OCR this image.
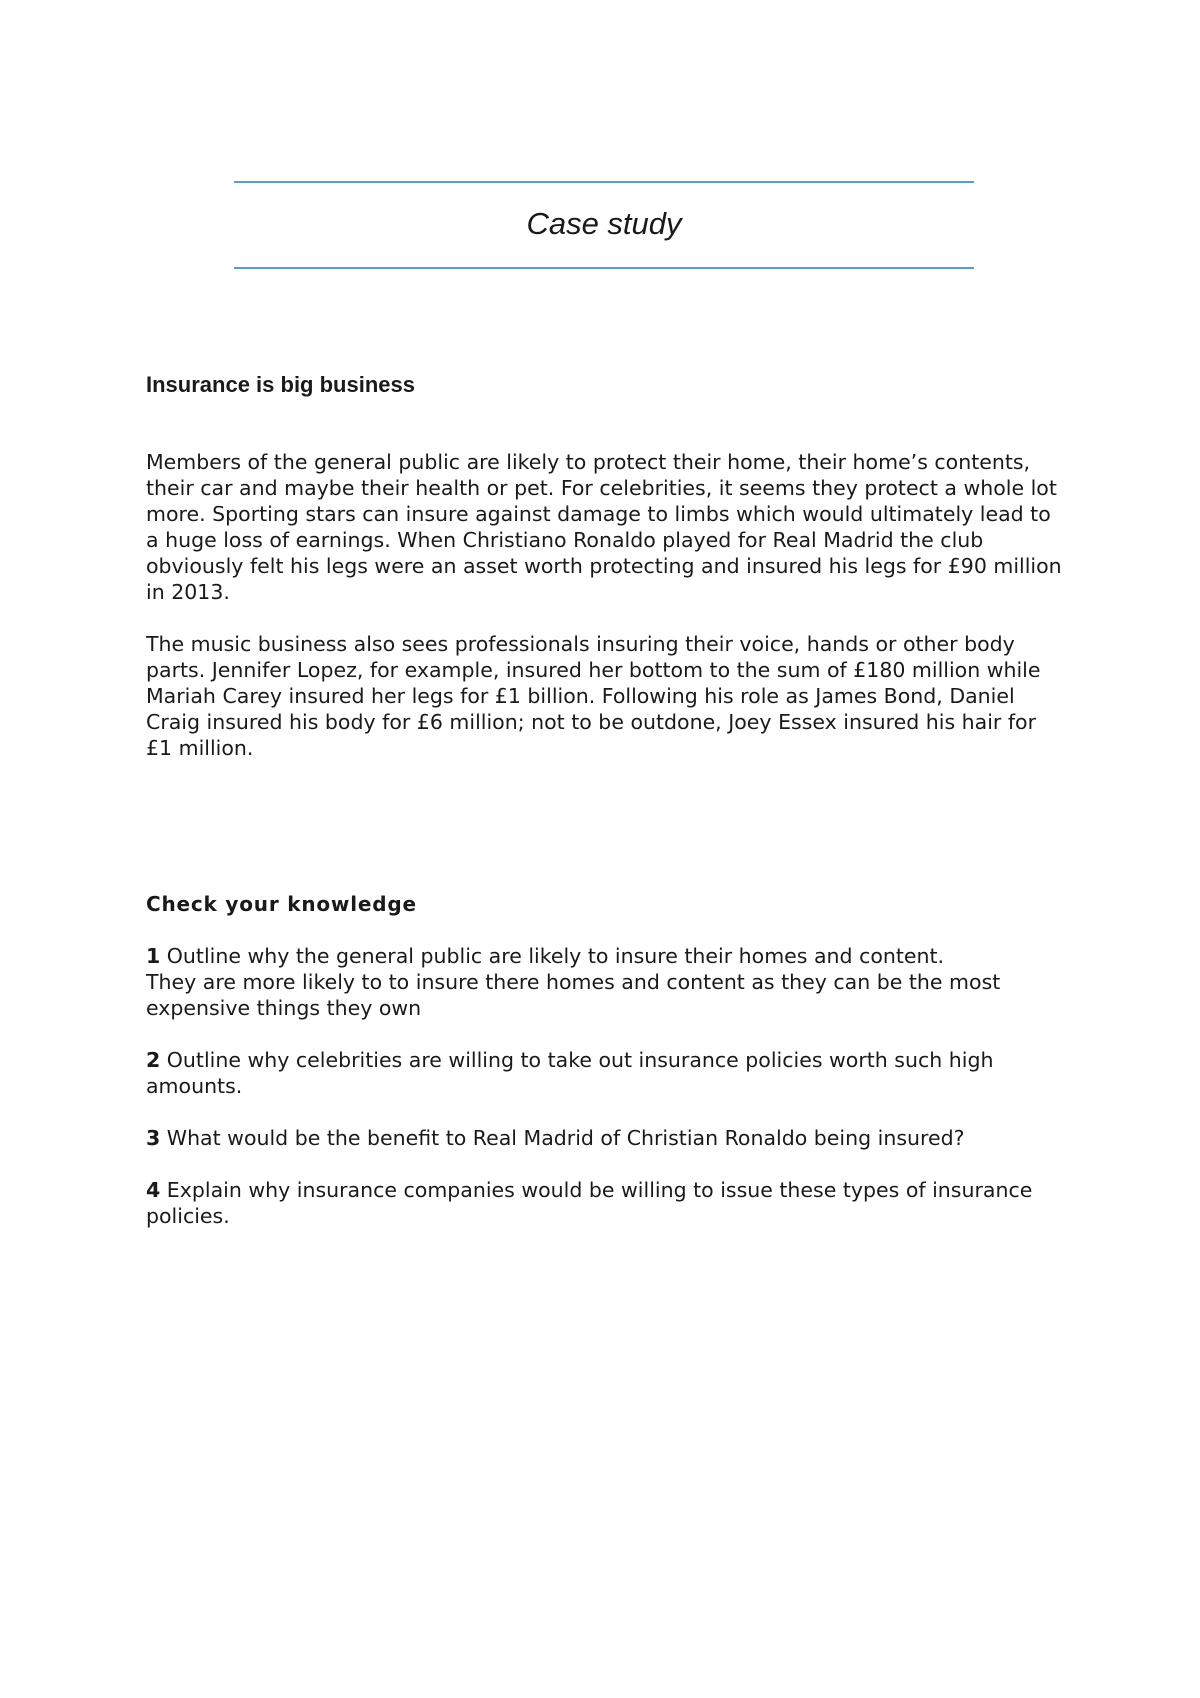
Case study
Insurance is big business

Members of the general public are likely to protect their home, their home’s contents, their car and maybe their health or pet. For celebrities, it seems they protect a whole lot more. Sporting stars can insure against damage to limbs which would ultimately lead to a huge loss of earnings. When Christiano Ronaldo played for Real Madrid the club obviously felt his legs were an asset worth protecting and insured his legs for £90 million in 2013.

The music business also sees professionals insuring their voice, hands or other body parts. Jennifer Lopez, for example, insured her bottom to the sum of £180 million while Mariah Carey insured her legs for £1 billion. Following his role as James Bond, Daniel Craig insured his body for £6 million; not to be outdone, Joey Essex insured his hair for £1 million.

Check your knowledge
1 Outline why the general public are likely to insure their homes and content.
They are more likely to to insure there homes and content as they can be the most expensive things they own
2 Outline why celebrities are willing to take out insurance policies worth such high amounts.
3 What would be the benefit to Real Madrid of Christian Ronaldo being insured?
4 Explain why insurance companies would be willing to issue these types of insurance policies.
